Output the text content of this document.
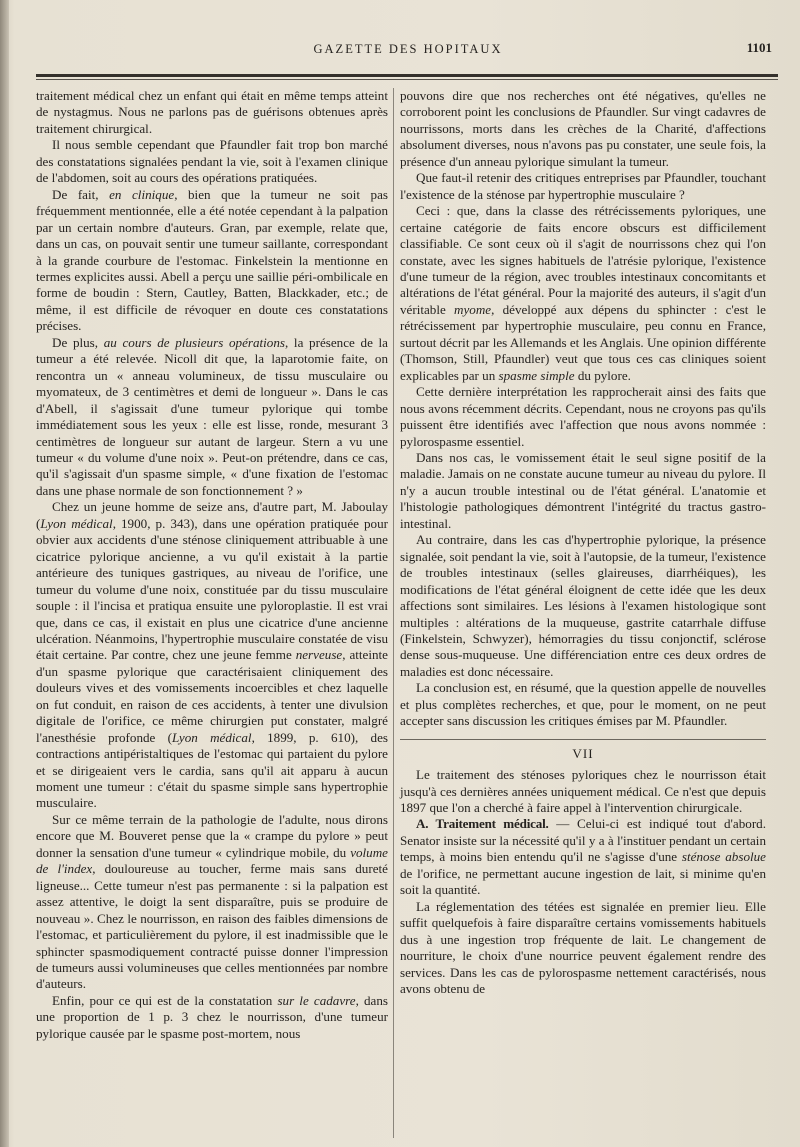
GAZETTE DES HOPITAUX	1101

traitement médical chez un enfant qui était en même temps atteint de nystagmus. Nous ne parlons pas de guérisons obtenues après traitement chirurgical.

Il nous semble cependant que Pfaundler fait trop bon marché des constatations signalées pendant la vie, soit à l'examen clinique de l'abdomen, soit au cours des opérations pratiquées.

De fait, en clinique, bien que la tumeur ne soit pas fréquemment mentionnée, elle a été notée cependant à la palpation par un certain nombre d'auteurs. Gran, par exemple, relate que, dans un cas, on pouvait sentir une tumeur saillante, correspondant à la grande courbure de l'estomac. Finkelstein la mentionne en termes explicites aussi. Abell a perçu une saillie péri-ombilicale en forme de boudin : Stern, Cautley, Batten, Blackkader, etc.; de même, il est difficile de révoquer en doute ces constatations précises.

De plus, au cours de plusieurs opérations, la présence de la tumeur a été relevée. Nicoll dit que, la laparotomie faite, on rencontra un « anneau volumineux, de tissu musculaire ou myomateux, de 3 centimètres et demi de longueur ». Dans le cas d'Abell, il s'agissait d'une tumeur pylorique qui tombe immédiatement sous les yeux : elle est lisse, ronde, mesurant 3 centimètres de longueur sur autant de largeur. Stern a vu une tumeur « du volume d'une noix ». Peut-on prétendre, dans ce cas, qu'il s'agissait d'un spasme simple, « d'une fixation de l'estomac dans une phase normale de son fonctionnement ? »

Chez un jeune homme de seize ans, d'autre part, M. Jaboulay (Lyon médical, 1900, p. 343), dans une opération pratiquée pour obvier aux accidents d'une sténose cliniquement attribuable à une cicatrice pylorique ancienne, a vu qu'il existait à la partie antérieure des tuniques gastriques, au niveau de l'orifice, une tumeur du volume d'une noix, constituée par du tissu musculaire souple : il l'incisa et pratiqua ensuite une pyloroplastie. Il est vrai que, dans ce cas, il existait en plus une cicatrice d'une ancienne ulcération. Néanmoins, l'hypertrophie musculaire constatée de visu était certaine. Par contre, chez une jeune femme nerveuse, atteinte d'un spasme pylorique que caractérisaient cliniquement des douleurs vives et des vomissements incoercibles et chez laquelle on fut conduit, en raison de ces accidents, à tenter une divulsion digitale de l'orifice, ce même chirurgien put constater, malgré l'anesthésie profonde (Lyon médical, 1899, p. 610), des contractions antipéristaltiques de l'estomac qui partaient du pylore et se dirigeaient vers le cardia, sans qu'il ait apparu à aucun moment une tumeur : c'était du spasme simple sans hypertrophie musculaire.

Sur ce même terrain de la pathologie de l'adulte, nous dirons encore que M. Bouveret pense que la « crampe du pylore » peut donner la sensation d'une tumeur « cylindrique mobile, du volume de l'index, douloureuse au toucher, ferme mais sans dureté ligneuse... Cette tumeur n'est pas permanente : si la palpation est assez attentive, le doigt la sent disparaître, puis se produire de nouveau ». Chez le nourrisson, en raison des faibles dimensions de l'estomac, et particulièrement du pylore, il est inadmissible que le sphincter spasmodiquement contracté puisse donner l'impression de tumeurs aussi volumineuses que celles mentionnées par nombre d'auteurs.

Enfin, pour ce qui est de la constatation sur le cadavre, dans une proportion de 1 p. 3 chez le nourrisson, d'une tumeur pylorique causée par le spasme post-mortem, nous

pouvons dire que nos recherches ont été négatives, qu'elles ne corroborent point les conclusions de Pfaundler. Sur vingt cadavres de nourrissons, morts dans les crèches de la Charité, d'affections absolument diverses, nous n'avons pas pu constater, une seule fois, la présence d'un anneau pylorique simulant la tumeur.

Que faut-il retenir des critiques entreprises par Pfaundler, touchant l'existence de la sténose par hypertrophie musculaire ?

Ceci : que, dans la classe des rétrécissements pyloriques, une certaine catégorie de faits encore obscurs est difficilement classifiable. Ce sont ceux où il s'agit de nourrissons chez qui l'on constate, avec les signes habituels de l'atrésie pylorique, l'existence d'une tumeur de la région, avec troubles intestinaux concomitants et altérations de l'état général. Pour la majorité des auteurs, il s'agit d'un véritable myome, développé aux dépens du sphincter : c'est le rétrécissement par hypertrophie musculaire, peu connu en France, surtout décrit par les Allemands et les Anglais. Une opinion différente (Thomson, Still, Pfaundler) veut que tous ces cas cliniques soient explicables par un spasme simple du pylore.

Cette dernière interprétation les rapprocherait ainsi des faits que nous avons récemment décrits. Cependant, nous ne croyons pas qu'ils puissent être identifiés avec l'affection que nous avons nommée : pylorospasme essentiel.

Dans nos cas, le vomissement était le seul signe positif de la maladie. Jamais on ne constate aucune tumeur au niveau du pylore. Il n'y a aucun trouble intestinal ou de l'état général. L'anatomie et l'histologie pathologiques démontrent l'intégrité du tractus gastro-intestinal.

Au contraire, dans les cas d'hypertrophie pylorique, la présence signalée, soit pendant la vie, soit à l'autopsie, de la tumeur, l'existence de troubles intestinaux (selles glaireuses, diarrhéiques), les modifications de l'état général éloignent de cette idée que les deux affections sont similaires. Les lésions à l'examen histologique sont multiples : altérations de la muqueuse, gastrite catarrhale diffuse (Finkelstein, Schwyzer), hémorragies du tissu conjonctif, sclérose dense sous-muqueuse. Une différenciation entre ces deux ordres de maladies est donc nécessaire.

La conclusion est, en résumé, que la question appelle de nouvelles et plus complètes recherches, et que, pour le moment, on ne peut accepter sans discussion les critiques émises par M. Pfaundler.

VII

Le traitement des sténoses pyloriques chez le nourrisson était jusqu'à ces dernières années uniquement médical. Ce n'est que depuis 1897 que l'on a cherché à faire appel à l'intervention chirurgicale.

A. Traitement médical. — Celui-ci est indiqué tout d'abord. Senator insiste sur la nécessité qu'il y a à l'instituer pendant un certain temps, à moins bien entendu qu'il ne s'agisse d'une sténose absolue de l'orifice, ne permettant aucune ingestion de lait, si minime qu'en soit la quantité.

La réglementation des tétées est signalée en premier lieu. Elle suffit quelquefois à faire disparaître certains vomissements habituels dus à une ingestion trop fréquente de lait. Le changement de nourriture, le choix d'une nourrice peuvent également rendre des services. Dans les cas de pylorospasme nettement caractérisés, nous avons obtenu de
